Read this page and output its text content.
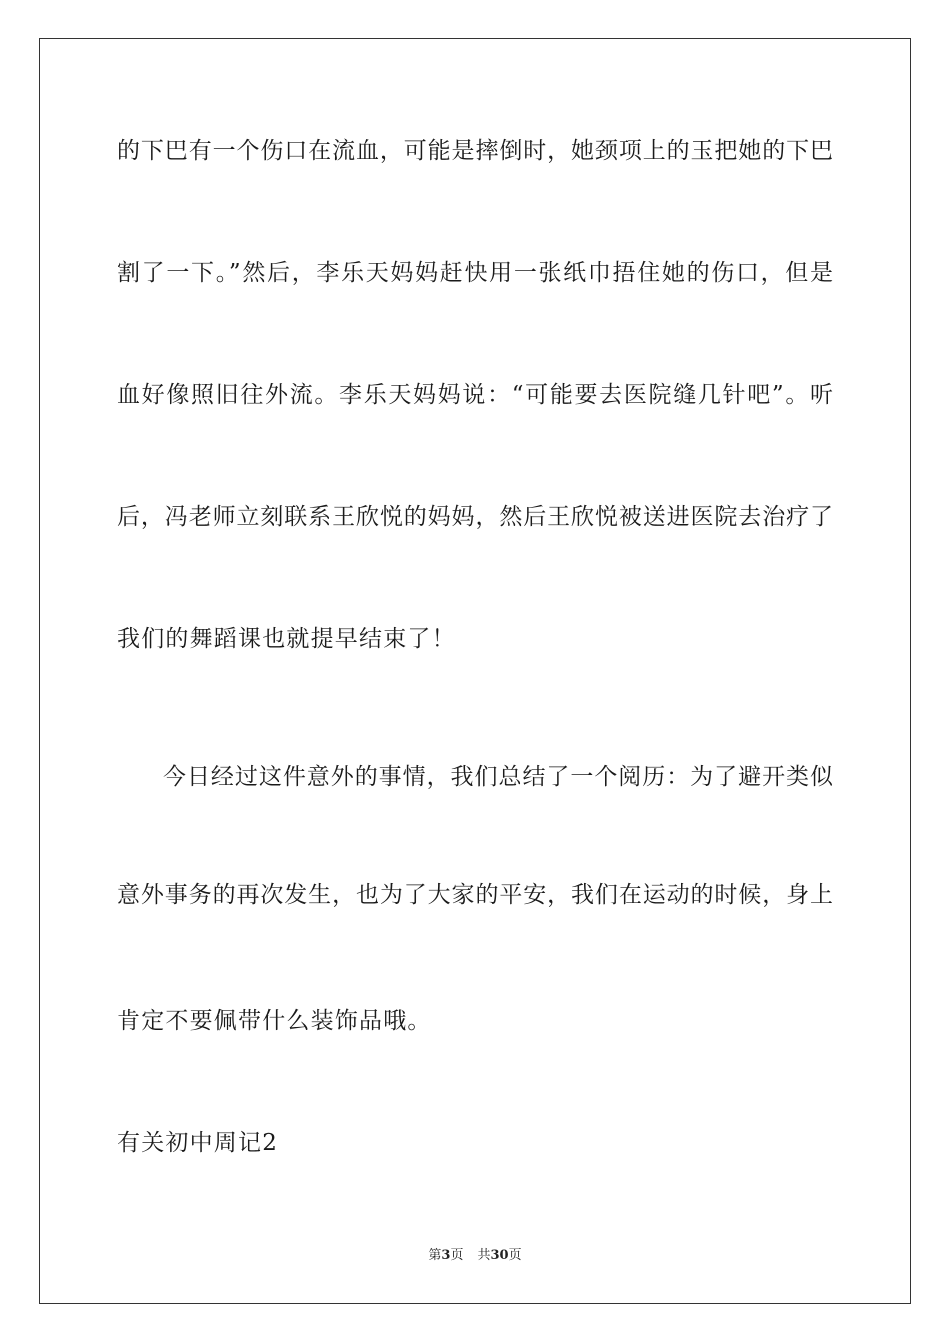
的下巴有一个伤口在流血，可能是摔倒时，她颈项上的玉把她的下巴
割了一下。”然后，李乐天妈妈赶快用一张纸巾捂住她的伤口，但是
血好像照旧往外流。李乐天妈妈说：“可能要去医院缝几针吧”。听
后，冯老师立刻联系王欣悦的妈妈，然后王欣悦被送进医院去治疗了
我们的舞蹈课也就提早结束了！
今日经过这件意外的事情，我们总结了一个阅历：为了避开类似
意外事务的再次发生，也为了大家的平安，我们在运动的时候，身上
肯定不要佩带什么装饰品哦。
有关初中周记2
第3页 共30页
